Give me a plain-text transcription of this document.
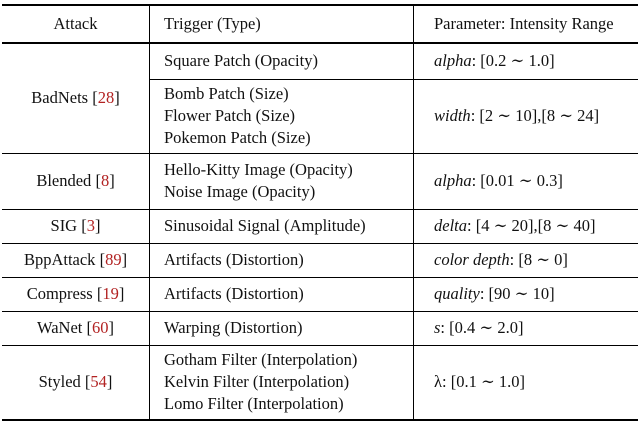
Attack	Trigger (Type)	Parameter: Intensity Range
BadNets [28]	Square Patch (Opacity)	alpha: [0.2 ∼ 1.0]

	Bomb Patch (Size)
Flower Patch (Size)
Pokemon Patch (Size)	width: [2 ∼ 10],[8 ∼ 24]
Blended [8]	Hello-Kitty Image (Opacity)
Noise Image (Opacity)	alpha: [0.01 ∼ 0.3]
SIG [3]	Sinusoidal Signal (Amplitude)	delta: [4 ∼ 20],[8 ∼ 40]
BppAttack [89]	Artifacts (Distortion)	color depth: [8 ∼ 0]
Compress [19]	Artifacts (Distortion)	quality: [90 ∼ 10]
WaNet [60]	Warping (Distortion)	s: [0.4 ∼ 2.0]
Styled [54]	Gotham Filter (Interpolation)
Kelvin Filter (Interpolation)
Lomo Filter (Interpolation)	λ: [0.1 ∼ 1.0]
